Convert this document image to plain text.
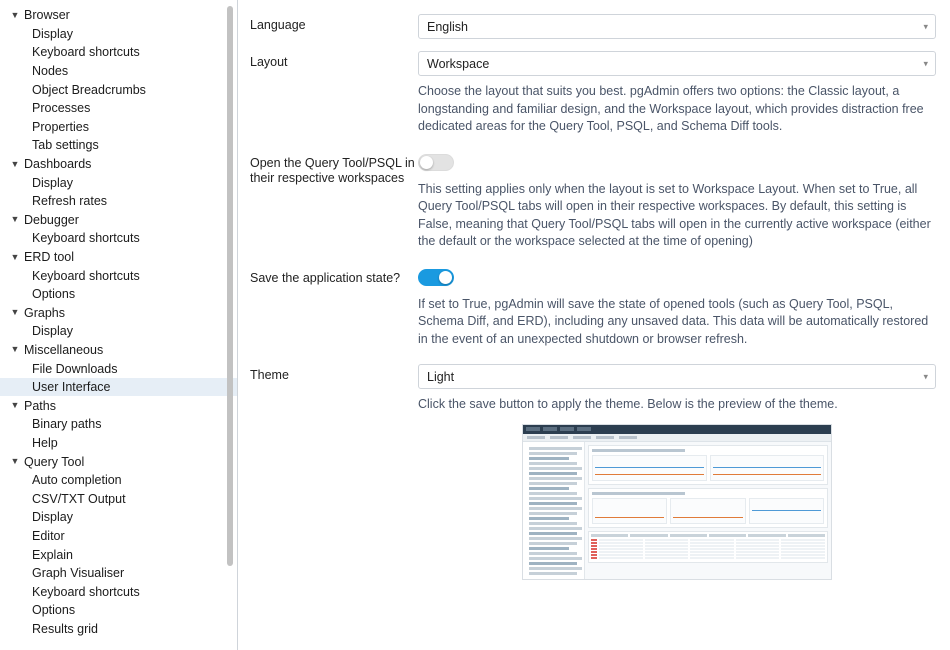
▼ Browser
Display
Keyboard shortcuts
Nodes
Object Breadcrumbs
Processes
Properties
Tab settings
▼ Dashboards
Display
Refresh rates
▼ Debugger
Keyboard shortcuts
▼ ERD tool
Keyboard shortcuts
Options
▼ Graphs
Display
▼ Miscellaneous
File Downloads
User Interface
▼ Paths
Binary paths
Help
▼ Query Tool
Auto completion
CSV/TXT Output
Display
Editor
Explain
Graph Visualiser
Keyboard shortcuts
Options
Results grid
Language	English	▾
Layout	Workspace	▾
Choose the layout that suits you best. pgAdmin offers two options: the Classic layout, a longstanding and familiar design, and the Workspace layout, which provides distraction free dedicated areas for the Query Tool, PSQL, and Schema Diff tools.
Open the Query Tool/PSQL in their respective workspaces
This setting applies only when the layout is set to Workspace Layout. When set to True, all Query Tool/PSQL tabs will open in their respective workspaces. By default, this setting is False, meaning that Query Tool/PSQL tabs will open in the currently active workspace (either the default or the workspace selected at the time of opening)
Save the application state?
If set to True, pgAdmin will save the state of opened tools (such as Query Tool, PSQL, Schema Diff, and ERD), including any unsaved data. This data will be automatically restored in the event of an unexpected shutdown or browser refresh.
Theme	Light	▾
Click the save button to apply the theme. Below is the preview of the theme.
